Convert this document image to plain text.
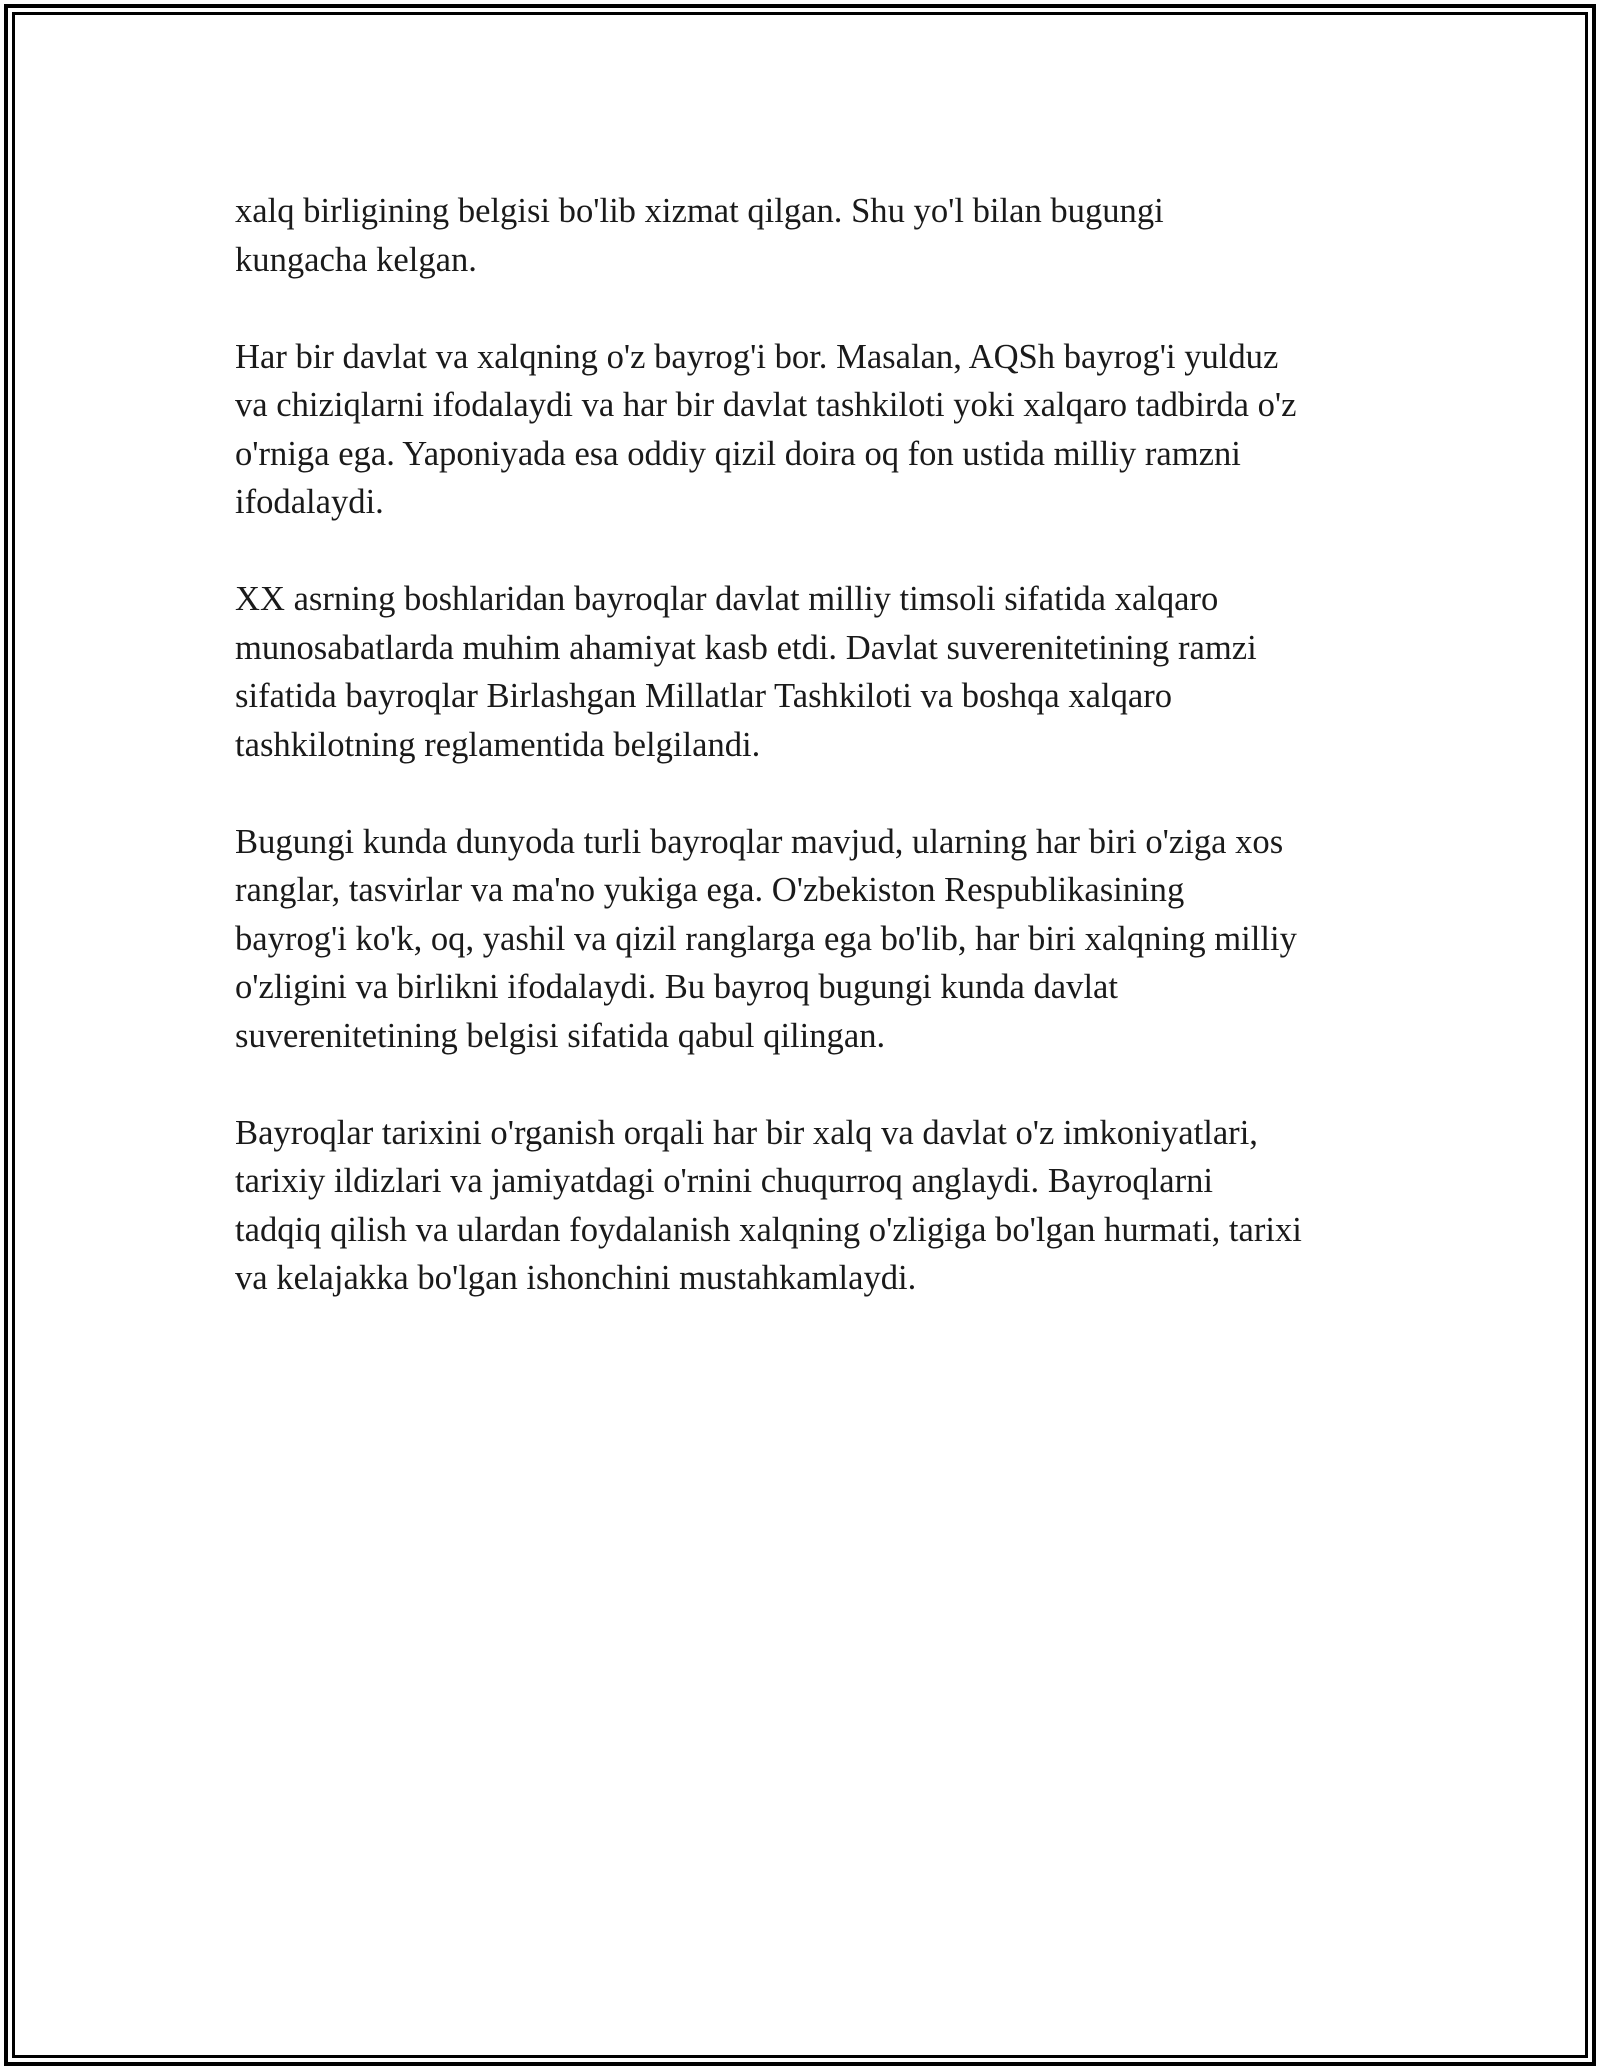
xalq birligining belgisi bo'lib xizmat qilgan. Shu yo'l bilan bugungi
kungacha kelgan.

Har bir davlat va xalqning o'z bayrog'i bor. Masalan, AQSh bayrog'i yulduz
va chiziqlarni ifodalaydi va har bir davlat tashkiloti yoki xalqaro tadbirda o'z
o'rniga ega. Yaponiyada esa oddiy qizil doira oq fon ustida milliy ramzni
ifodalaydi.

XX asrning boshlaridan bayroqlar davlat milliy timsoli sifatida xalqaro
munosabatlarda muhim ahamiyat kasb etdi. Davlat suverenitetining ramzi
sifatida bayroqlar Birlashgan Millatlar Tashkiloti va boshqa xalqaro
tashkilotning reglamentida belgilandi.

Bugungi kunda dunyoda turli bayroqlar mavjud, ularning har biri o'ziga xos
ranglar, tasvirlar va ma'no yukiga ega. O'zbekiston Respublikasining
bayrog'i ko'k, oq, yashil va qizil ranglarga ega bo'lib, har biri xalqning milliy
o'zligini va birlikni ifodalaydi. Bu bayroq bugungi kunda davlat
suverenitetining belgisi sifatida qabul qilingan.

Bayroqlar tarixini o'rganish orqali har bir xalq va davlat o'z imkoniyatlari,
tarixiy ildizlari va jamiyatdagi o'rnini chuqurroq anglaydi. Bayroqlarni
tadqiq qilish va ulardan foydalanish xalqning o'zligiga bo'lgan hurmati, tarixi
va kelajakka bo'lgan ishonchini mustahkamlaydi.
